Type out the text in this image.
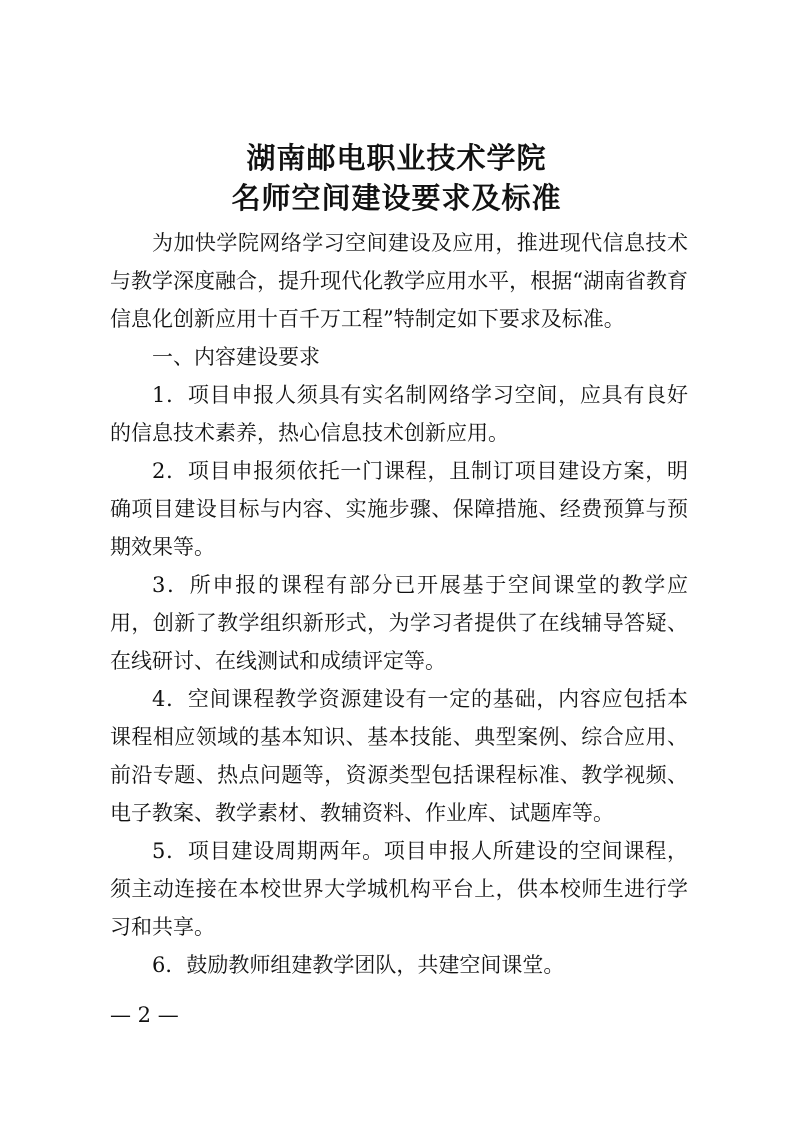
湖南邮电职业技术学院
名师空间建设要求及标准

为加快学院网络学习空间建设及应用，推进现代信息技术与教学深度融合，提升现代化教学应用水平，根据“湖南省教育信息化创新应用十百千万工程”特制定如下要求及标准。

一、内容建设要求

1．项目申报人须具有实名制网络学习空间，应具有良好的信息技术素养，热心信息技术创新应用。

2．项目申报须依托一门课程，且制订项目建设方案，明确项目建设目标与内容、实施步骤、保障措施、经费预算与预期效果等。

3．所申报的课程有部分已开展基于空间课堂的教学应用，创新了教学组织新形式，为学习者提供了在线辅导答疑、在线研讨、在线测试和成绩评定等。

4．空间课程教学资源建设有一定的基础，内容应包括本课程相应领域的基本知识、基本技能、典型案例、综合应用、前沿专题、热点问题等，资源类型包括课程标准、教学视频、电子教案、教学素材、教辅资料、作业库、试题库等。

5．项目建设周期两年。项目申报人所建设的空间课程，须主动连接在本校世界大学城机构平台上，供本校师生进行学习和共享。

6．鼓励教师组建教学团队，共建空间课堂。

— 2 —
